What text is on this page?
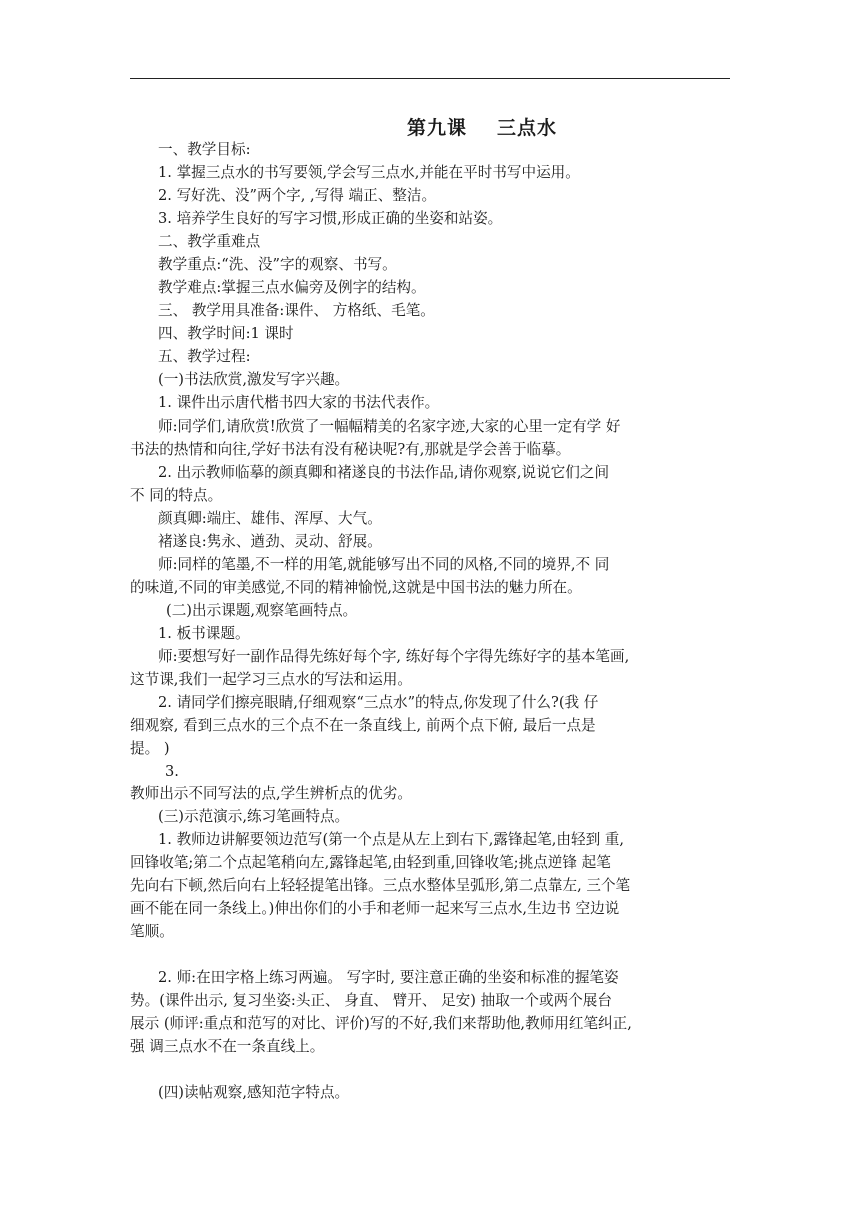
第九课 三点水
一、教学目标:
1. 掌握三点水的书写要领,学会写三点水,并能在平时书写中运用。
2. 写好洗、没”两个字, ,写得 端正、整洁。
3. 培养学生良好的写字习惯,形成正确的坐姿和站姿。
二、教学重难点
教学重点:“洗、没”字的观察、书写。
教学难点:掌握三点水偏旁及例字的结构。
三、 教学用具准备:课件、 方格纸、毛笔。
四、教学时间:1 课时
五、教学过程:
(一)书法欣赏,激发写字兴趣。
1. 课件出示唐代楷书四大家的书法代表作。
师:同学们,请欣赏!欣赏了一幅幅精美的名家字迹,大家的心里一定有学 好
书法的热情和向往,学好书法有没有秘诀呢?有,那就是学会善于临摹。
2. 出示教师临摹的颜真卿和褚遂良的书法作品,请你观察,说说它们之间
不 同的特点。
颜真卿:端庄、雄伟、浑厚、大气。
褚遂良:隽永、遒劲、灵动、舒展。
师:同样的笔墨,不一样的用笔,就能够写出不同的风格,不同的境界,不 同
的味道,不同的审美感觉,不同的精神愉悦,这就是中国书法的魅力所在。
(二)出示课题,观察笔画特点。
1. 板书课题。
师:要想写好一副作品得先练好每个字, 练好每个字得先练好字的基本笔画,
这节课,我们一起学习三点水的写法和运用。
2. 请同学们擦亮眼睛,仔细观察“三点水”的特点,你发现了什么?(我 仔
细观察, 看到三点水的三个点不在一条直线上, 前两个点下俯, 最后一点是
提。 )
3.
教师出示不同写法的点,学生辨析点的优劣。
(三)示范演示,练习笔画特点。
1. 教师边讲解要领边范写(第一个点是从左上到右下,露锋起笔,由轻到 重,
回锋收笔;第二个点起笔稍向左,露锋起笔,由轻到重,回锋收笔;挑点逆锋 起笔
先向右下顿,然后向右上轻轻提笔出锋。三点水整体呈弧形,第二点靠左, 三个笔
画不能在同一条线上。)伸出你们的小手和老师一起来写三点水,生边书 空边说
笔顺。
2. 师:在田字格上练习两遍。 写字时, 要注意正确的坐姿和标准的握笔姿
势。(课件出示, 复习坐姿:头正、 身直、 臂开、 足安) 抽取一个或两个展台
展示 (师评:重点和范写的对比、评价)写的不好,我们来帮助他,教师用红笔纠正,
强 调三点水不在一条直线上。
(四)读帖观察,感知范字特点。
